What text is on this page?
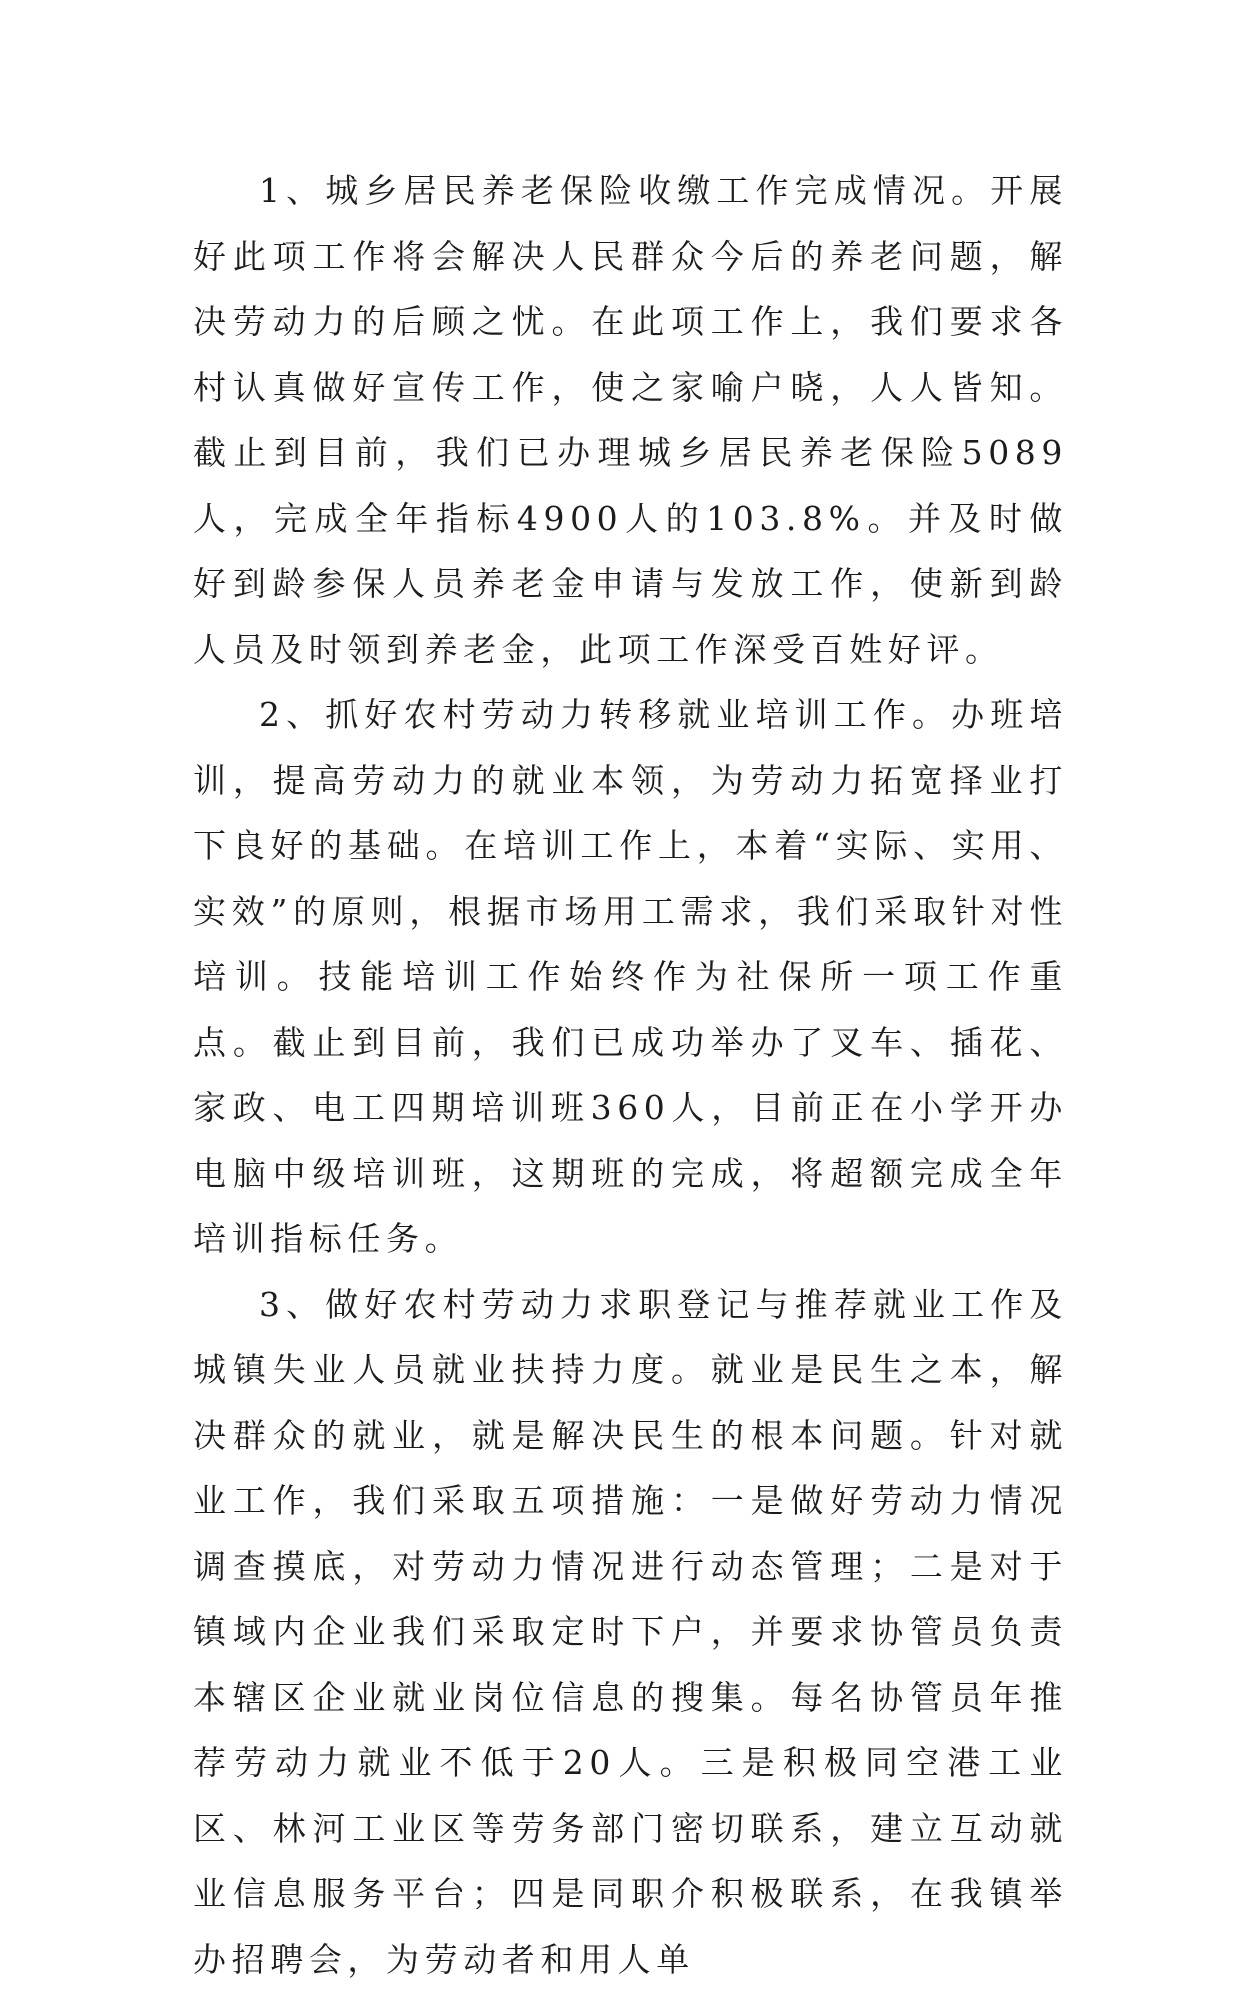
1、城乡居民养老保险收缴工作完成情况。开展好此项工作将会解决人民群众今后的养老问题，解决劳动力的后顾之忧。在此项工作上，我们要求各村认真做好宣传工作，使之家喻户晓，人人皆知。截止到目前，我们已办理城乡居民养老保险5089人，完成全年指标4900人的103.8%。并及时做好到龄参保人员养老金申请与发放工作，使新到龄人员及时领到养老金，此项工作深受百姓好评。

2、抓好农村劳动力转移就业培训工作。办班培训，提高劳动力的就业本领，为劳动力拓宽择业打下良好的基础。在培训工作上，本着“实际、实用、实效”的原则，根据市场用工需求，我们采取针对性培训。技能培训工作始终作为社保所一项工作重点。截止到目前，我们已成功举办了叉车、插花、家政、电工四期培训班360人，目前正在小学开办电脑中级培训班，这期班的完成，将超额完成全年培训指标任务。

3、做好农村劳动力求职登记与推荐就业工作及城镇失业人员就业扶持力度。就业是民生之本，解决群众的就业，就是解决民生的根本问题。针对就业工作，我们采取五项措施：一是做好劳动力情况调查摸底，对劳动力情况进行动态管理；二是对于镇域内企业我们采取定时下户，并要求协管员负责本辖区企业就业岗位信息的搜集。每名协管员年推荐劳动力就业不低于20人。三是积极同空港工业区、林河工业区等劳务部门密切联系，建立互动就业信息服务平台；四是同职介积极联系，在我镇举办招聘会，为劳动者和用人单
